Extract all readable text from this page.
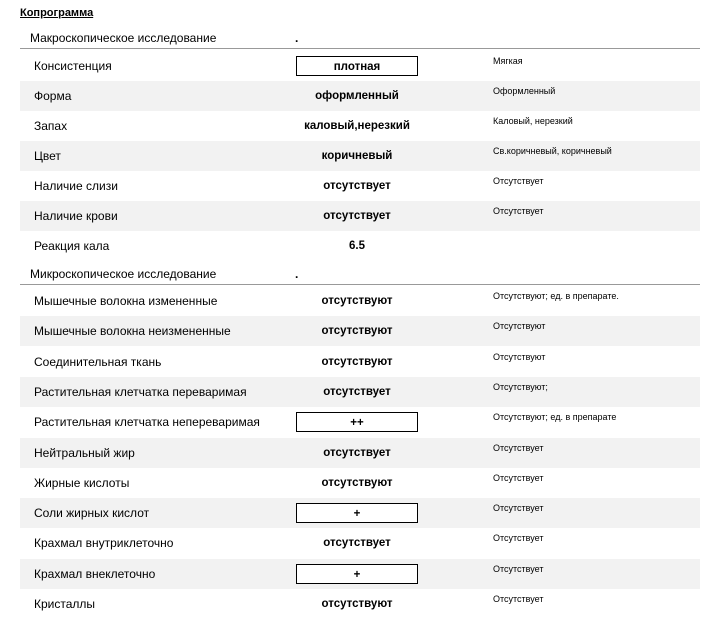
Копрограмма
Макроскопическое исследование	.
Консистенция	плотная	Мягкая
Форма	оформленный	Оформленный
Запах	каловый,нерезкий	Каловый, нерезкий
Цвет	коричневый	Св.коричневый, коричневый
Наличие слизи	отсутствует	Отсутствует
Наличие крови	отсутствует	Отсутствует
Реакция кала	6.5
Микроскопическое исследование	.
Мышечные волокна измененные	отсутствуют	Отсутствуют; ед. в препарате.
Мышечные волокна неизмененные	отсутствуют	Отсутствуют
Соединительная ткань	отсутствуют	Отсутствуют
Растительная клетчатка переваримая	отсутствует	Отсутствуют;
Растительная клетчатка непереваримая	++	Отсутствуют; ед. в препарате
Нейтральный жир	отсутствует	Отсутствует
Жирные кислоты	отсутствуют	Отсутствует
Соли жирных кислот	+	Отсутствует
Крахмал внутриклеточно	отсутствует	Отсутствует
Крахмал внеклеточно	+	Отсутствует
Кристаллы	отсутствуют	Отсутствует
